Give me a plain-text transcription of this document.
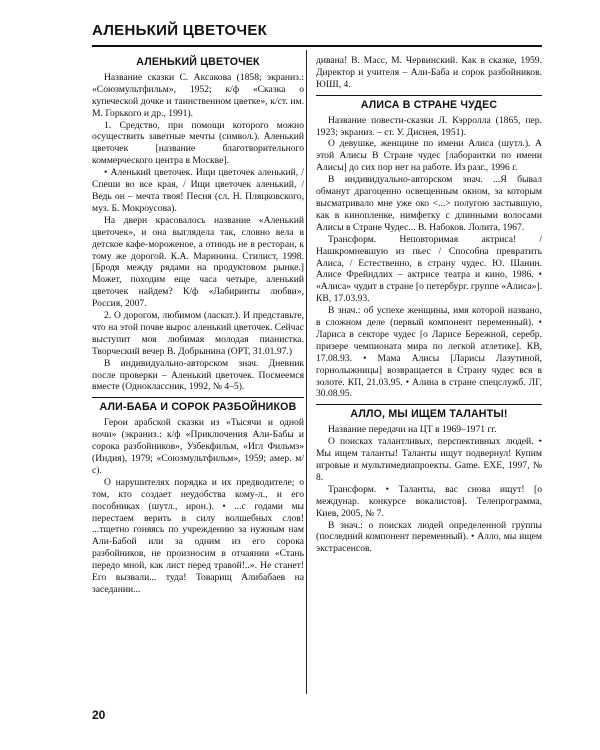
АЛЕНЬКИЙ ЦВЕТОЧЕК
АЛЕНЬКИЙ ЦВЕТОЧЕК

Название сказки С. Аксакова (1858; экраниз.: «Союзмультфильм», 1952; к/ф «Сказка о купеческой дочке и таинственном цветке», к/ст. им. М. Горького и др., 1991).

1. Средство, при помощи которого можно осуществить заветные мечты (символ.). Аленький цветочек [название благотворительного коммерческого центра в Москве].

• Аленький цветочек. Ищи цветочек аленький, / Спеши во все края, / Ищи цветочек аленький, / Ведь он – мечта твоя! Песня (сл. Н. Пляцковского, муз. Б. Мокроусова).

На дверн красовалось название «Аленький цветочек», и она выглядела так, словно вела в детское кафе-мороженое, а отнюдь не в ресторан, к тому же дорогой. К.А. Маринина. Стилист, 1998. [Бродя между рядами на продуктовом рынке.] Может, походим еще часа четыре, аленький цветочек найдем? К/ф «Лабиринты любви», Россия, 2007.

2. О дорогом, любимом (ласкат.). И представьте, что на этой почве вырос аленький цветочек. Сейчас выступит моя любимая молодая пианистка. Творческий вечер В. Добрынина (ОРТ, 31.01.97.)

В индивидуально-авторском знач. Дневник после проверки – Аленький цветочек. Посмеемся вместе (Одноклассник, 1992, № 4–5).

АЛИ-БАБА И СОРОК РАЗБОЙНИКОВ

Герои арабской сказки из «Тысячи и одной ночи» (экраниз.: к/ф «Приключения Али-Бабы и сорока разбойников», Узбекфильм, «Игл Фильмз» (Индия), 1979; «Союзмультфильм», 1959; амер. м/с).

О нарушителях порядка и их предводителе; о том, кто создает неудобства кому-л., и его пособниках (шутл., ирон.). • ...с годами мы перестаем верить в силу волшебных слов! ...тщетно гоняясь по учреждению за нужным нам Али-Бабой или за одним из его сорока разбойников, не произносим в отчаянии «Стань передо мной, как лист перед травой!..». Не станет! Его вызвали... туда! Товарищ Алибабаев на заседании...

дивана! В. Масс, М. Червинский. Как в сказке, 1959. Директор и учителя – Али-Баба и сорок разбойников. ЮШІ, 4.

АЛИСА В СТРАНЕ ЧУДЕС

Название повести-сказки Л. Кэрролла (1865, пер. 1923; экраниз. – ст. У. Диснея, 1951).

О девушке, женщине по имени Алиса (шутл.). А этой Алисы В Стране чудес [лаборантки по имени Алисы] до сих пор нет на работе. Из разг., 1996 г.

В индивидуально-авторском знач. ...Я бывал обманут драгоценно освещенным окном, за которым высматривало мне уже око <...> полугою застывшую, как в кинопленке, нимфетку с длинными волосами Алисы в Стране Чудес... В. Набоков. Лолита, 1967.

Трансформ. Неповторимая актриса! / Нашкромневшую из пьес / Способна превратить Алиса, / Естественно, в страну чудес. Ю. Шанин. Алисе Фрейндлих – актрисе театра и кино, 1986. • «Алиса» чудит в стране [о петербург. группе «Алиса»]. КВ, 17.03.93.

В знач.: об успехе женщины, имя которой названо, в сложном деле (первый компонент переменный). • Лариса в секторе чудес [о Ларисе Бережной, серебр. призере чемпионата мира по легкой атлетике]. КВ, 17.08.93. • Мама Алисы [Ларисы Лазутиной, горнолыжницы] возвращается в Страну чудес вся в золоте. КП, 21.03.95. • Алина в стране спецслужб. ЛГ, 30.08.95.

АЛЛО, МЫ ИЩЕМ ТАЛАНТЫ!

Название передачи на ЦТ в 1969–1971 гг.

О поисках талантливых, перспективных людей. • Мы ищем таланты! Таланты ищут подвернул! Купим игровые и мультимедиапроекты. Game. EXE, 1997, № 8.

Трансформ. • Таланты, вас снова ищут! [о междунар. конкурсе вокалистов]. Телепрограмма, Киев, 2005, № 7.

В знач.: о поисках людей определенной группы (последний компонент переменный). • Алло, мы ищем экстрасенсов.

20
